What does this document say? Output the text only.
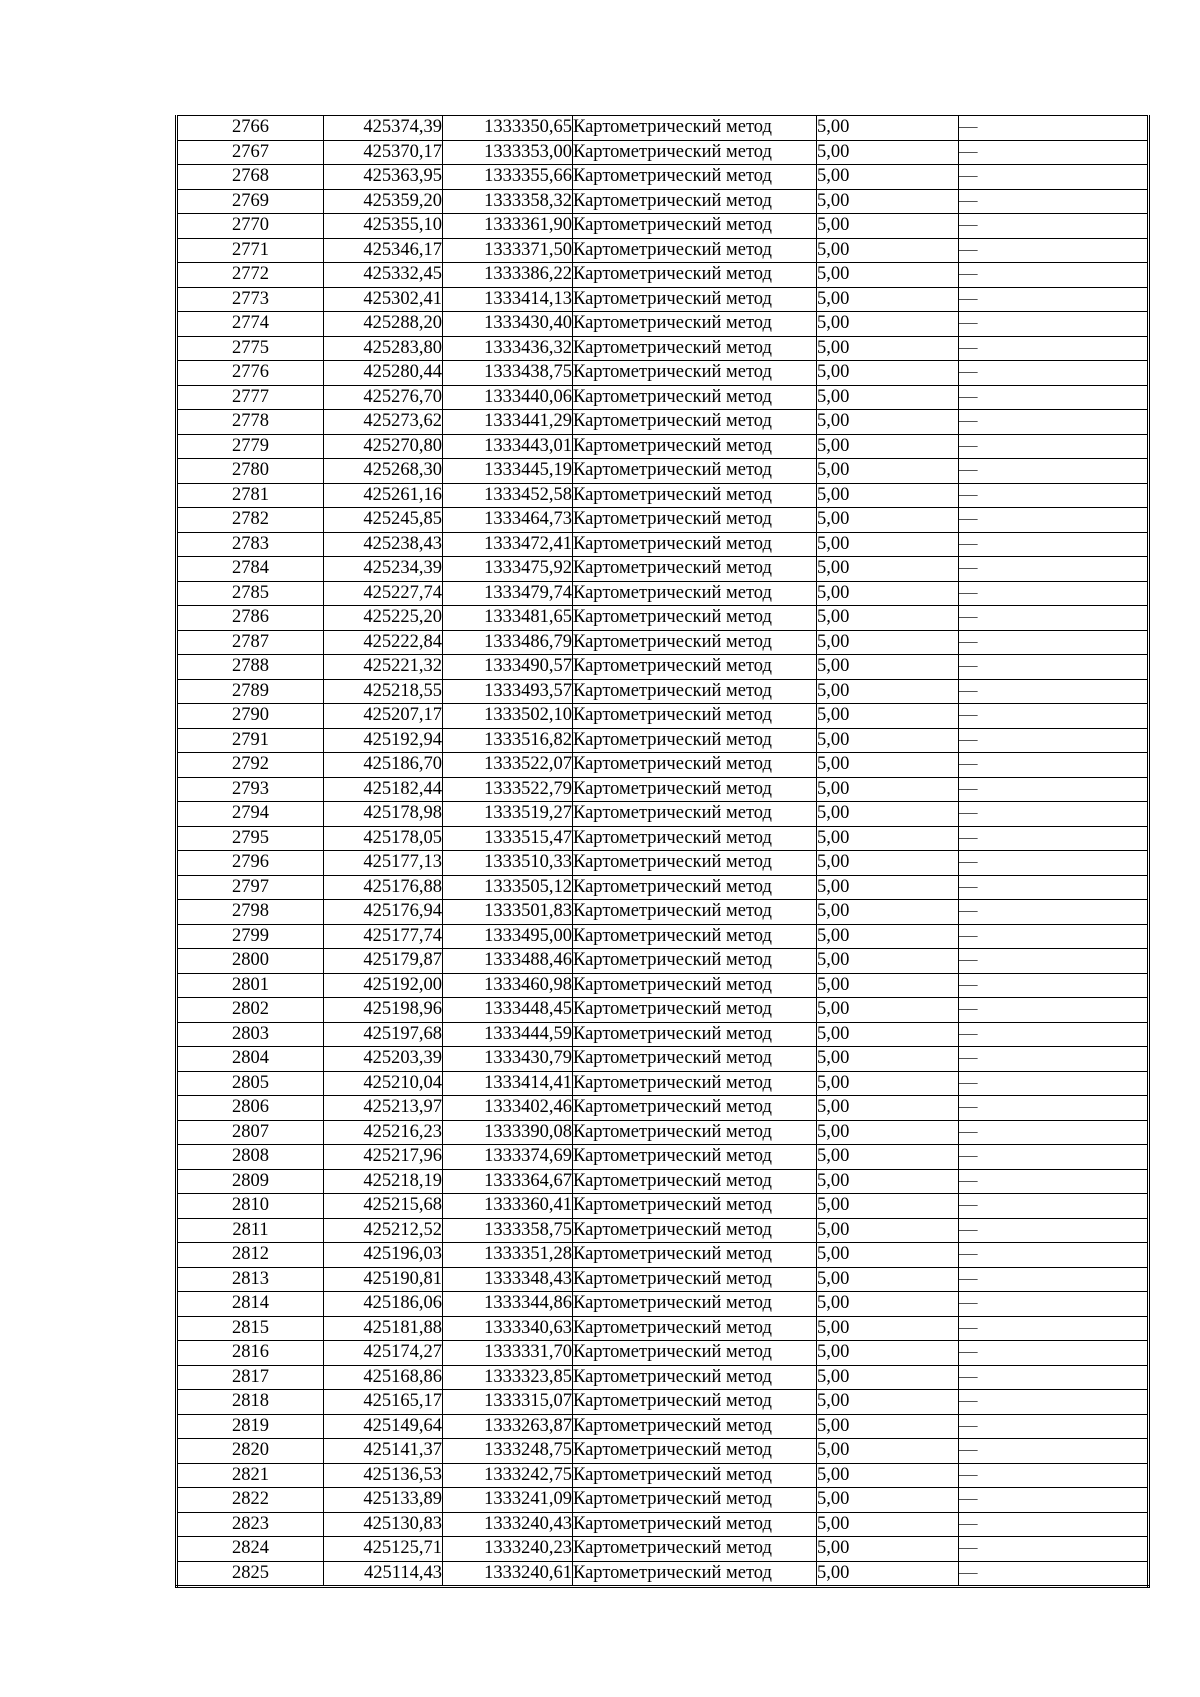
2766	425374,39	1333350,65	Картометрический метод	5,00	—
2767	425370,17	1333353,00	Картометрический метод	5,00	—
2768	425363,95	1333355,66	Картометрический метод	5,00	—
2769	425359,20	1333358,32	Картометрический метод	5,00	—
2770	425355,10	1333361,90	Картометрический метод	5,00	—
2771	425346,17	1333371,50	Картометрический метод	5,00	—
2772	425332,45	1333386,22	Картометрический метод	5,00	—
2773	425302,41	1333414,13	Картометрический метод	5,00	—
2774	425288,20	1333430,40	Картометрический метод	5,00	—
2775	425283,80	1333436,32	Картометрический метод	5,00	—
2776	425280,44	1333438,75	Картометрический метод	5,00	—
2777	425276,70	1333440,06	Картометрический метод	5,00	—
2778	425273,62	1333441,29	Картометрический метод	5,00	—
2779	425270,80	1333443,01	Картометрический метод	5,00	—
2780	425268,30	1333445,19	Картометрический метод	5,00	—
2781	425261,16	1333452,58	Картометрический метод	5,00	—
2782	425245,85	1333464,73	Картометрический метод	5,00	—
2783	425238,43	1333472,41	Картометрический метод	5,00	—
2784	425234,39	1333475,92	Картометрический метод	5,00	—
2785	425227,74	1333479,74	Картометрический метод	5,00	—
2786	425225,20	1333481,65	Картометрический метод	5,00	—
2787	425222,84	1333486,79	Картометрический метод	5,00	—
2788	425221,32	1333490,57	Картометрический метод	5,00	—
2789	425218,55	1333493,57	Картометрический метод	5,00	—
2790	425207,17	1333502,10	Картометрический метод	5,00	—
2791	425192,94	1333516,82	Картометрический метод	5,00	—
2792	425186,70	1333522,07	Картометрический метод	5,00	—
2793	425182,44	1333522,79	Картометрический метод	5,00	—
2794	425178,98	1333519,27	Картометрический метод	5,00	—
2795	425178,05	1333515,47	Картометрический метод	5,00	—
2796	425177,13	1333510,33	Картометрический метод	5,00	—
2797	425176,88	1333505,12	Картометрический метод	5,00	—
2798	425176,94	1333501,83	Картометрический метод	5,00	—
2799	425177,74	1333495,00	Картометрический метод	5,00	—
2800	425179,87	1333488,46	Картометрический метод	5,00	—
2801	425192,00	1333460,98	Картометрический метод	5,00	—
2802	425198,96	1333448,45	Картометрический метод	5,00	—
2803	425197,68	1333444,59	Картометрический метод	5,00	—
2804	425203,39	1333430,79	Картометрический метод	5,00	—
2805	425210,04	1333414,41	Картометрический метод	5,00	—
2806	425213,97	1333402,46	Картометрический метод	5,00	—
2807	425216,23	1333390,08	Картометрический метод	5,00	—
2808	425217,96	1333374,69	Картометрический метод	5,00	—
2809	425218,19	1333364,67	Картометрический метод	5,00	—
2810	425215,68	1333360,41	Картометрический метод	5,00	—
2811	425212,52	1333358,75	Картометрический метод	5,00	—
2812	425196,03	1333351,28	Картометрический метод	5,00	—
2813	425190,81	1333348,43	Картометрический метод	5,00	—
2814	425186,06	1333344,86	Картометрический метод	5,00	—
2815	425181,88	1333340,63	Картометрический метод	5,00	—
2816	425174,27	1333331,70	Картометрический метод	5,00	—
2817	425168,86	1333323,85	Картометрический метод	5,00	—
2818	425165,17	1333315,07	Картометрический метод	5,00	—
2819	425149,64	1333263,87	Картометрический метод	5,00	—
2820	425141,37	1333248,75	Картометрический метод	5,00	—
2821	425136,53	1333242,75	Картометрический метод	5,00	—
2822	425133,89	1333241,09	Картометрический метод	5,00	—
2823	425130,83	1333240,43	Картометрический метод	5,00	—
2824	425125,71	1333240,23	Картометрический метод	5,00	—
2825	425114,43	1333240,61	Картометрический метод	5,00	—
